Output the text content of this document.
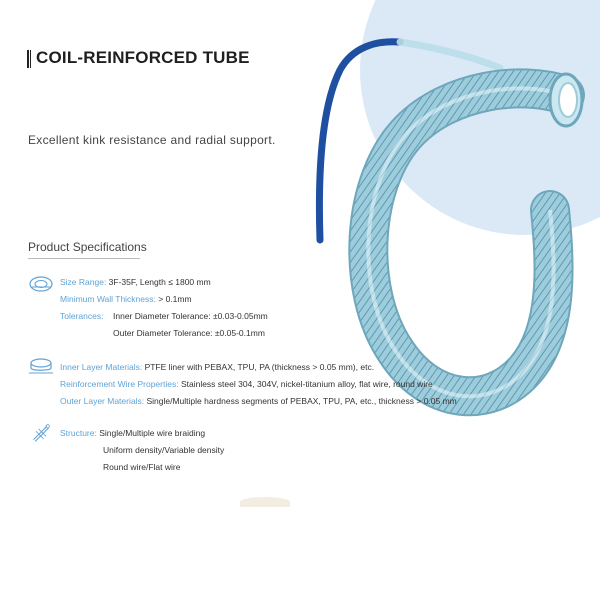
COIL-REINFORCED TUBE

Excellent kink resistance and radial support.

Product Specifications
Size Range: 3F-35F, Length ≤ 1800 mm
Minimum Wall Thickness: > 0.1mm
Tolerances: Inner Diameter Tolerance: ±0.03-0.05mm
Outer Diameter Tolerance: ±0.05-0.1mm
Inner Layer Materials: PTFE liner with PEBAX, TPU, PA (thickness > 0.05 mm), etc.
Reinforcement Wire Properties: Stainless steel 304, 304V, nickel-titanium alloy, flat wire, round wire
Outer Layer Materials: Single/Multiple hardness segments of PEBAX, TPU, PA, etc., thickness > 0.05 mm
Structure: Single/Multiple wire braiding
Uniform density/Variable density
Round wire/Flat wire
